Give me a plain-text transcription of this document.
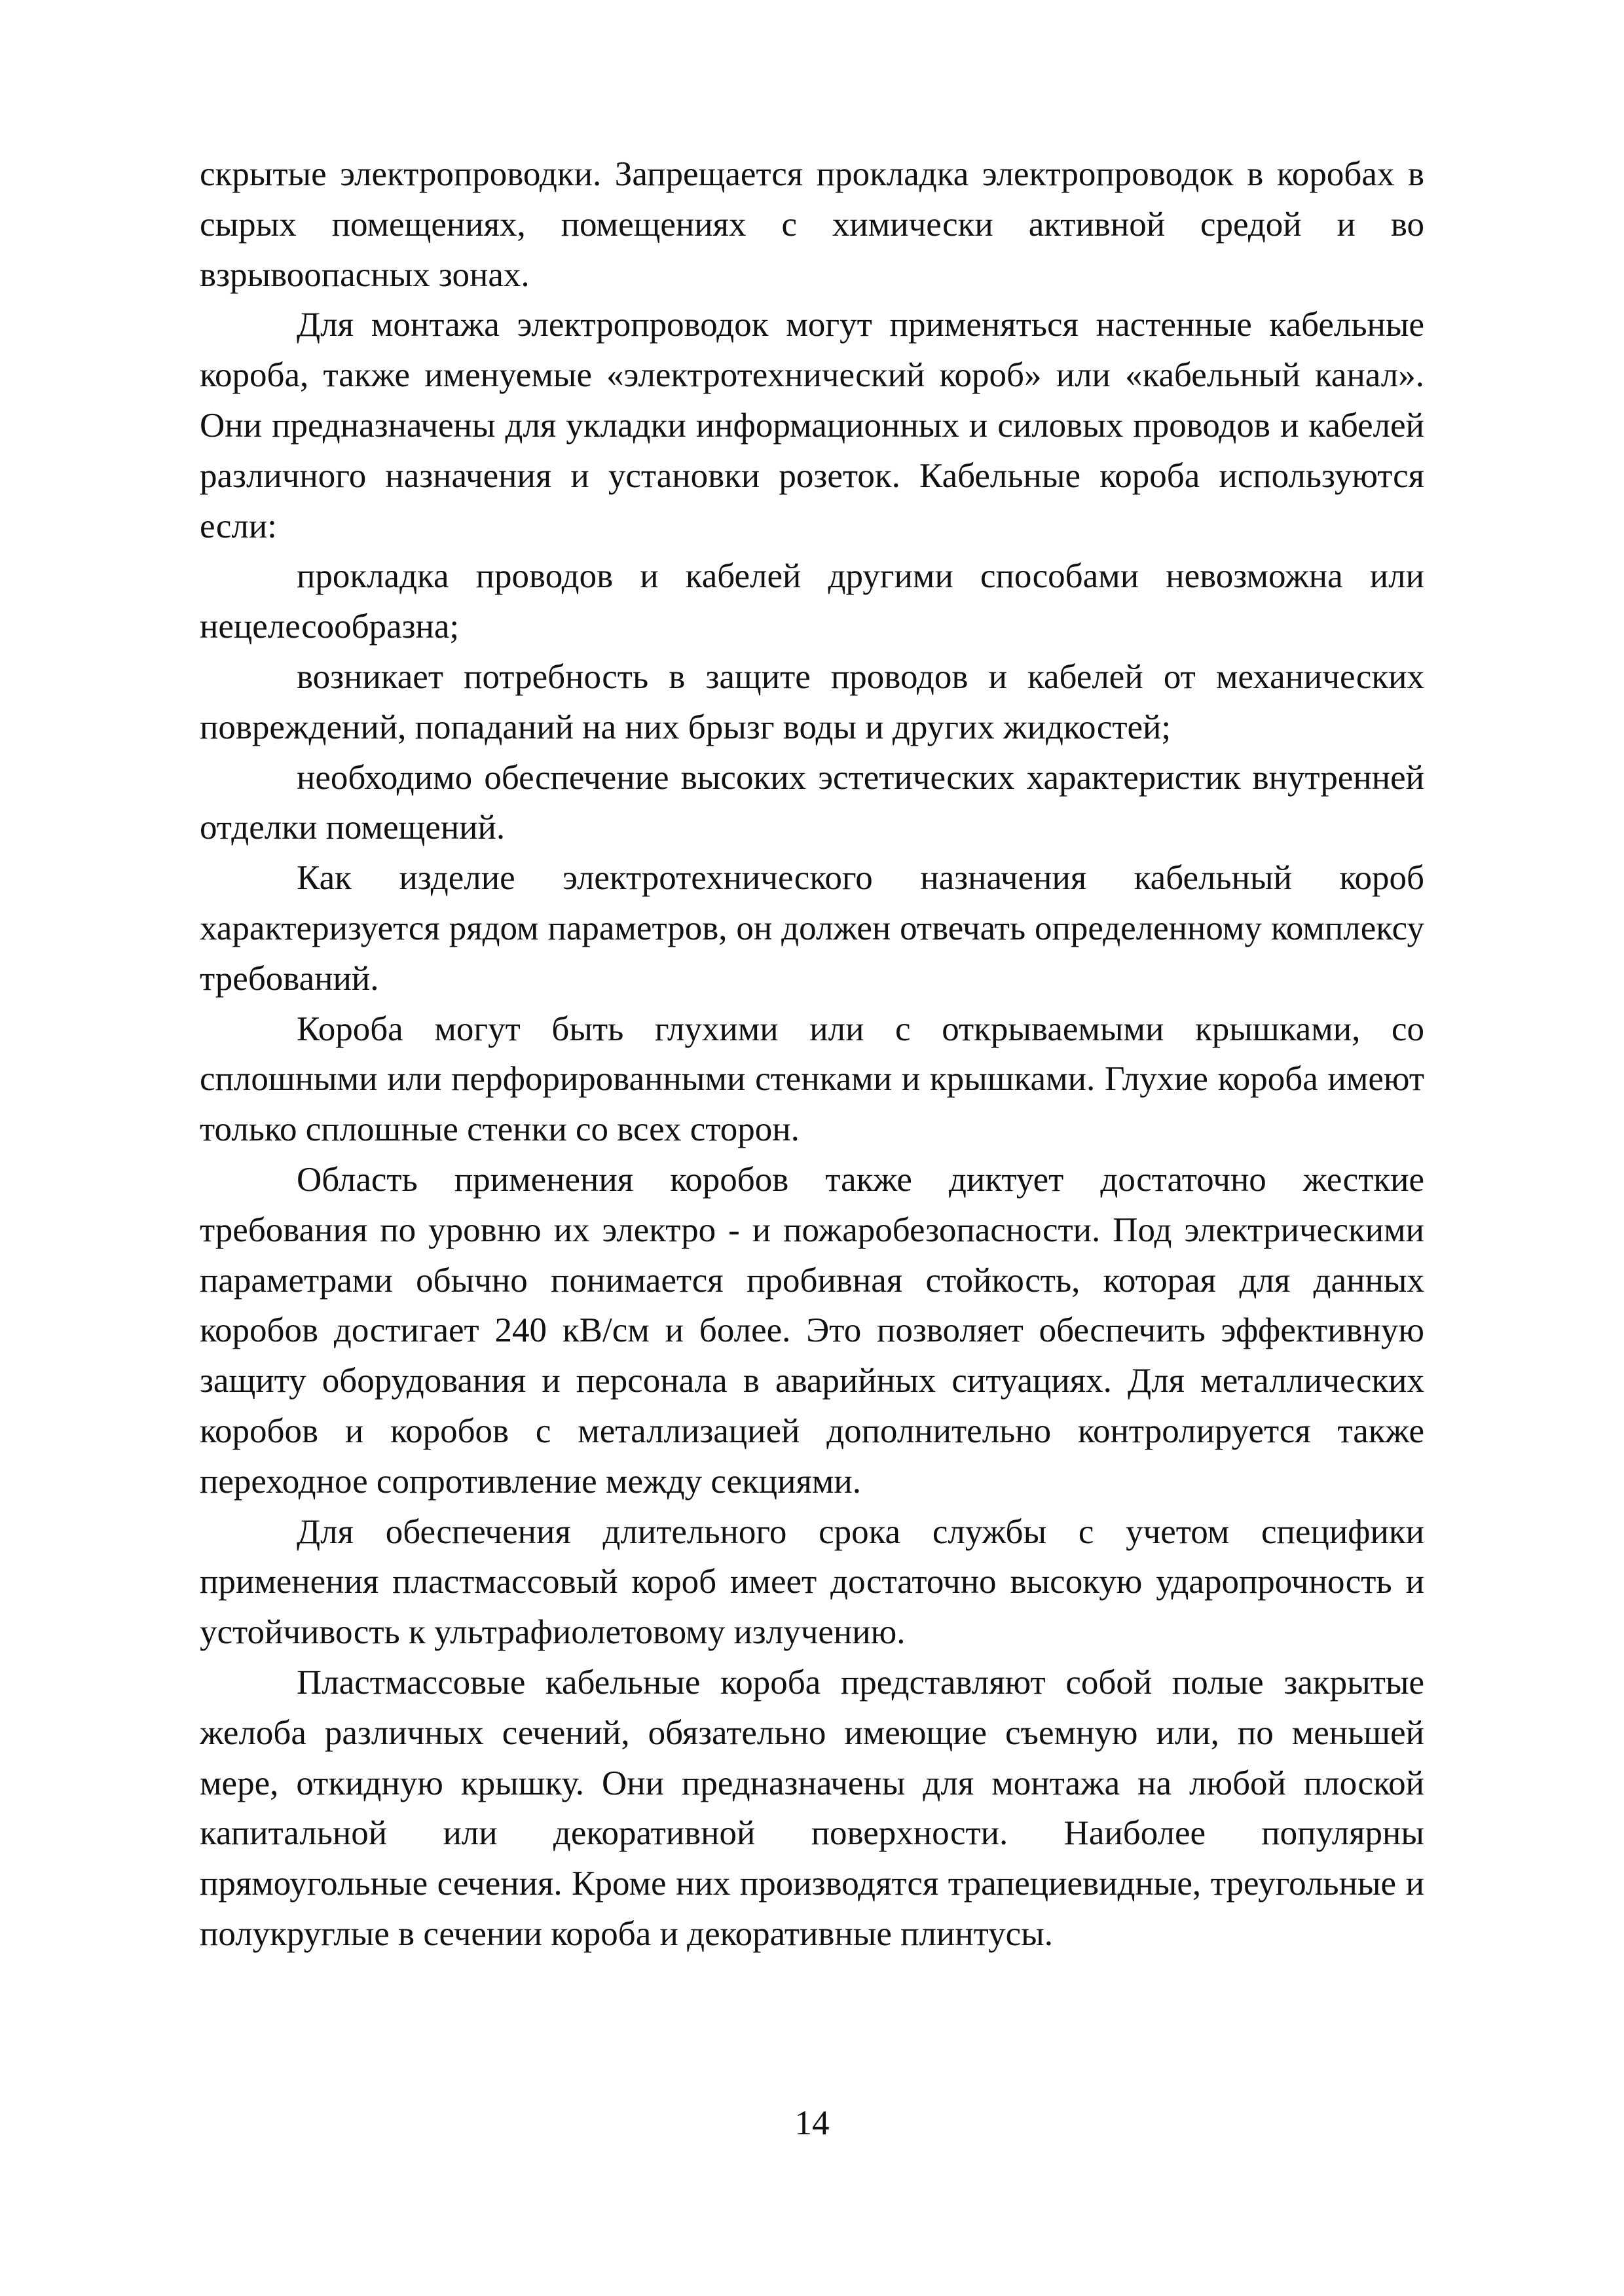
скрытые электропроводки. Запрещается прокладка электропроводок в коробах в сырых помещениях, помещениях с химически активной средой и во взрывоопасных зонах.

Для монтажа электропроводок могут применяться настенные кабельные короба, также именуемые «электротехнический короб» или «кабельный канал». Они предназначены для укладки информационных и силовых проводов и кабелей различного назначения и установки розеток. Кабельные короба используются если:

прокладка проводов и кабелей другими способами невозможна или нецелесообразна;

возникает потребность в защите проводов и кабелей от механических повреждений, попаданий на них брызг воды и других жидкостей;

необходимо обеспечение высоких эстетических характеристик внутренней отделки помещений.

Как изделие электротехнического назначения кабельный короб характеризуется рядом параметров, он должен отвечать определенному комплексу требований.

Короба могут быть глухими или с открываемыми крышками, со сплошными или перфорированными стенками и крышками. Глухие короба имеют только сплошные стенки со всех сторон.

Область применения коробов также диктует достаточно жесткие требования по уровню их электро - и пожаробезопасности. Под электрическими параметрами обычно понимается пробивная стойкость, которая для данных коробов достигает 240 кВ/см и более. Это позволяет обеспечить эффективную защиту оборудования и персонала в аварийных ситуациях. Для металлических коробов и коробов с металлизацией дополнительно контролируется также переходное сопротивление между секциями.

Для обеспечения длительного срока службы с учетом специфики применения пластмассовый короб имеет достаточно высокую ударопрочность и устойчивость к ультрафиолетовому излучению.

Пластмассовые кабельные короба представляют собой полые закрытые желоба различных сечений, обязательно имеющие съемную или, по меньшей мере, откидную крышку. Они предназначены для монтажа на любой плоской капитальной или декоративной поверхности. Наиболее популярны прямоугольные сечения. Кроме них производятся трапециевидные, треугольные и полукруглые в сечении короба и декоративные плинтусы.

14
